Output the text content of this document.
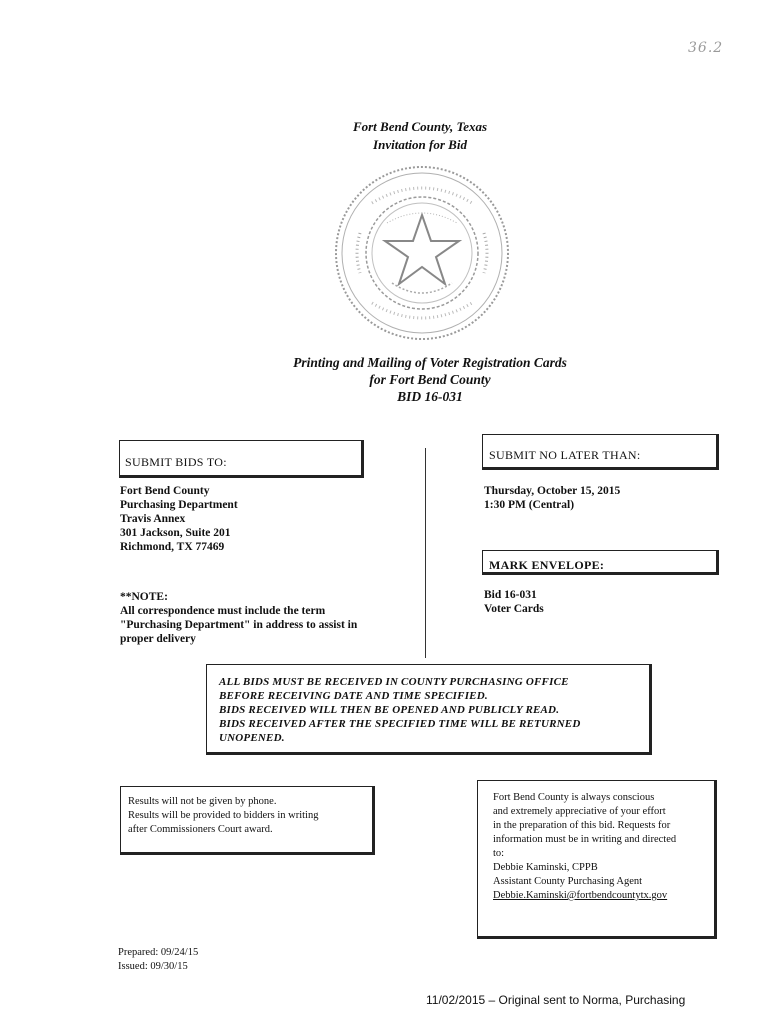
36.2
Fort Bend County, Texas
Invitation for Bid
Printing and Mailing of Voter Registration Cards
for Fort Bend County
BID 16-031
SUBMIT BIDS TO:
Fort Bend County
Purchasing Department
Travis Annex
301 Jackson, Suite 201
Richmond, TX 77469
**NOTE:
All correspondence must include the term
"Purchasing Department" in address to assist in
proper delivery
SUBMIT NO LATER THAN:
Thursday, October 15, 2015
1:30 PM (Central)
MARK ENVELOPE:
Bid 16-031
Voter Cards
ALL BIDS MUST BE RECEIVED IN COUNTY PURCHASING OFFICE
BEFORE RECEIVING DATE AND TIME SPECIFIED.
BIDS RECEIVED WILL THEN BE OPENED AND PUBLICLY READ.
BIDS RECEIVED AFTER THE SPECIFIED TIME WILL BE RETURNED
UNOPENED.
Results will not be given by phone.
Results will be provided to bidders in writing
after Commissioners Court award.
Fort Bend County is always conscious
and extremely appreciative of your effort
in the preparation of this bid. Requests for
information must be in writing and directed
to:
Debbie Kaminski, CPPB
Assistant County Purchasing Agent
Debbie.Kaminski@fortbendcountytx.gov
Prepared: 09/24/15
Issued: 09/30/15
11/02/2015 – Original sent to Norma, Purchasing
